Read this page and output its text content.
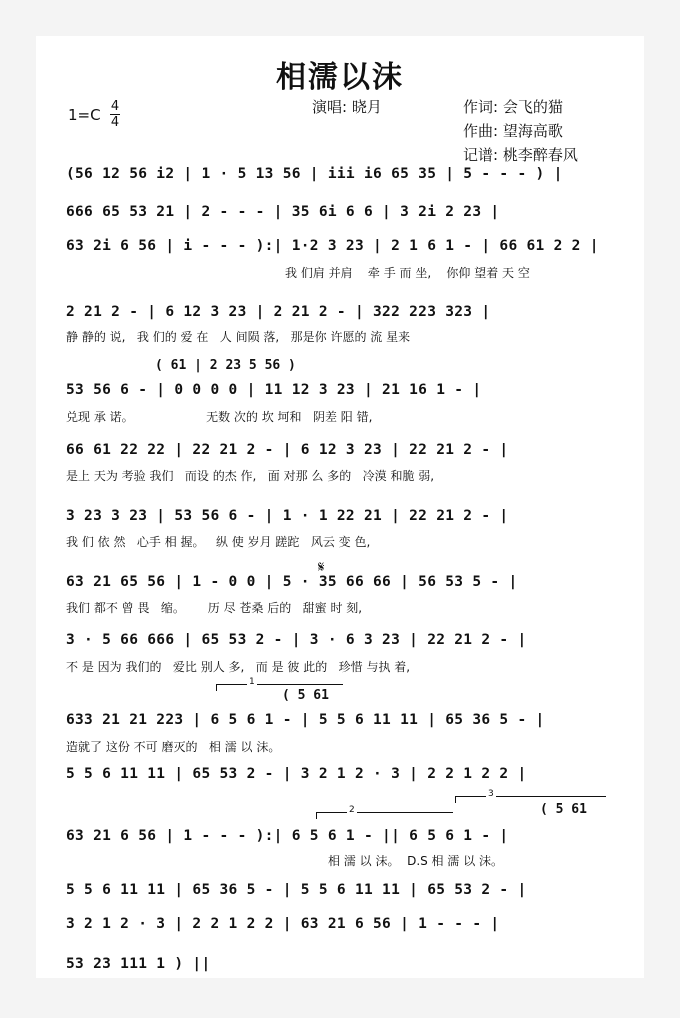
相濡以沫
演唱: 晓月	作词: 会飞的猫
作曲: 望海高歌
记谱: 桃李醉春风
1=C 4
4
(56 12 56 i2 | 1 · 5 13 56 | iii i6 65 35 | 5 - - - ) |
666 65 53 21 | 2 - - - | 35 6i 6 6 | 3 2i 2 23 |
63 2i 6 56 | i - - - ):| 1·2 3 23 | 2 1 6 1 - | 66 61 2 2 |
我 们肩 并肩    牵 手 而 坐,    你仰 望着 天 空
2 21 2 - | 6 12 3 23 | 2 21 2 - | 322 223 323 |
静 静的 说,   我 们的 爱 在   人 间陨 落,   那是你 许愿的 流 星来
( 61 | 2 23 5 56 )
53 56 6 - | 0 0 0 0 | 11 12 3 23 | 21 16 1 - |
兑现 承 诺。                   无数 次的 坎 坷和   阴差 阳 错,
66 61 22 22 | 22 21 2 - | 6 12 3 23 | 22 21 2 - |
是上 天为 考验 我们   而设 的杰 作,   面 对那 么 多的   冷漠 和脆 弱,
3 23 3 23 | 53 56 6 - | 1 · 1 22 21 | 22 21 2 - |
我 们 依 然   心手 相 握。   纵 使 岁月 蹉跎   风云 变 色,
𝄋
63 21 65 56 | 1 - 0 0 | 5 · 35 66 66 | 56 53 5 - |
我们 都不 曾 畏   缩。      历 尽 苍桑 后的   甜蜜 时 刻,
3 · 5 66 666 | 65 53 2 - | 3 · 6 3 23 | 22 21 2 - |
不 是 因为 我们的   爱比 别人 多,   而 是 彼 此的   珍惜 与执 着,
1
( 5 61
633 21 21 223 | 6 5 6 1 - | 5 5 6 11 11 | 65 36 5 - |
造就了 这份 不可 磨灭的   相 濡 以 沫。
5 5 6 11 11 | 65 53 2 - | 3 2 1 2 · 3 | 2 2 1 2 2 |
2
3
( 5 61
63 21 6 56 | 1 - - - ):| 6 5 6 1 - || 6 5 6 1 - |
相 濡 以 沫。  D.S 相 濡 以 沫。
5 5 6 11 11 | 65 36 5 - | 5 5 6 11 11 | 65 53 2 - |
3 2 1 2 · 3 | 2 2 1 2 2 | 63 21 6 56 | 1 - - - |
53 23 111 1 ) ||
